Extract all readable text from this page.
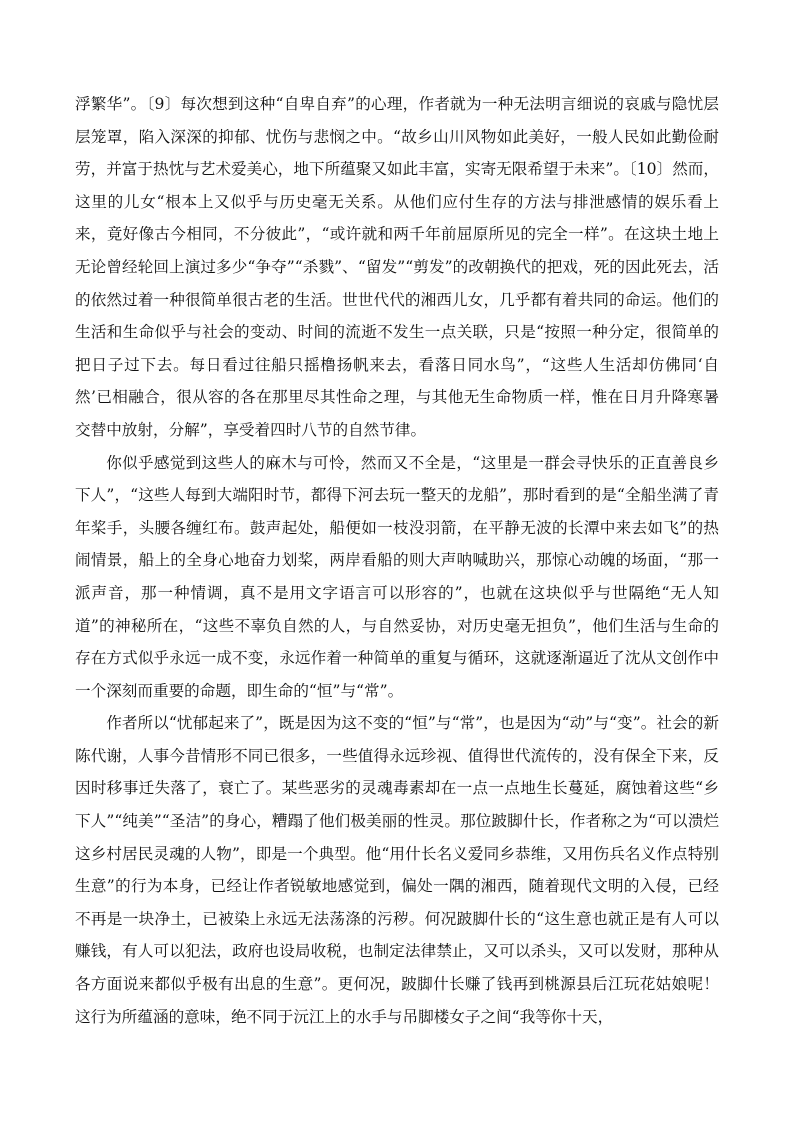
浮繁华”。〔9〕每次想到这种“自卑自弃”的心理，作者就为一种无法明言细说的哀戚与隐忧层层笼罩，陷入深深的抑郁、忧伤与悲悯之中。“故乡山川风物如此美好，一般人民如此勤俭耐劳，并富于热忱与艺术爱美心，地下所蕴聚又如此丰富，实寄无限希望于未来”。〔10〕然而，这里的儿女“根本上又似乎与历史毫无关系。从他们应付生存的方法与排泄感情的娱乐看上来，竟好像古今相同，不分彼此”，“或许就和两千年前屈原所见的完全一样”。在这块土地上无论曾经轮回上演过多少“争夺”“杀戮”、“留发”“剪发”的改朝换代的把戏，死的因此死去，活的依然过着一种很简单很古老的生活。世世代代的湘西儿女，几乎都有着共同的命运。他们的生活和生命似乎与社会的变动、时间的流逝不发生一点关联，只是“按照一种分定，很简单的把日子过下去。每日看过往船只摇橹扬帆来去，看落日同水鸟”，“这些人生活却仿佛同‘自然’已相融合，很从容的各在那里尽其性命之理，与其他无生命物质一样，惟在日月升降寒暑交替中放射，分解”，享受着四时八节的自然节律。

你似乎感觉到这些人的麻木与可怜，然而又不全是，“这里是一群会寻快乐的正直善良乡下人”，“这些人每到大端阳时节，都得下河去玩一整天的龙船”，那时看到的是“全船坐满了青年桨手，头腰各缠红布。鼓声起处，船便如一枝没羽箭，在平静无波的长潭中来去如飞”的热闹情景，船上的全身心地奋力划桨，两岸看船的则大声呐喊助兴，那惊心动魄的场面，“那一派声音，那一种情调，真不是用文字语言可以形容的”，也就在这块似乎与世隔绝“无人知道”的神秘所在，“这些不辜负自然的人，与自然妥协，对历史毫无担负”，他们生活与生命的存在方式似乎永远一成不变，永远作着一种简单的重复与循环，这就逐渐逼近了沈从文创作中一个深刻而重要的命题，即生命的“恒”与“常”。

作者所以“忧郁起来了”，既是因为这不变的“恒”与“常”，也是因为“动”与“变”。社会的新陈代谢，人事今昔情形不同已很多，一些值得永远珍视、值得世代流传的，没有保全下来，反因时移事迁失落了，衰亡了。某些恶劣的灵魂毒素却在一点一点地生长蔓延，腐蚀着这些“乡下人”“纯美”“圣洁”的身心，糟蹋了他们极美丽的性灵。那位跛脚什长，作者称之为“可以溃烂这乡村居民灵魂的人物”，即是一个典型。他“用什长名义爱同乡恭维，又用伤兵名义作点特别生意”的行为本身，已经让作者锐敏地感觉到，偏处一隅的湘西，随着现代文明的入侵，已经不再是一块净土，已被染上永远无法荡涤的污秽。何况跛脚什长的“这生意也就正是有人可以赚钱，有人可以犯法，政府也设局收税，也制定法律禁止，又可以杀头，又可以发财，那种从各方面说来都似乎极有出息的生意”。更何况，跛脚什长赚了钱再到桃源县后江玩花姑娘呢！这行为所蕴涵的意味，绝不同于沅江上的水手与吊脚楼女子之间“我等你十天，
